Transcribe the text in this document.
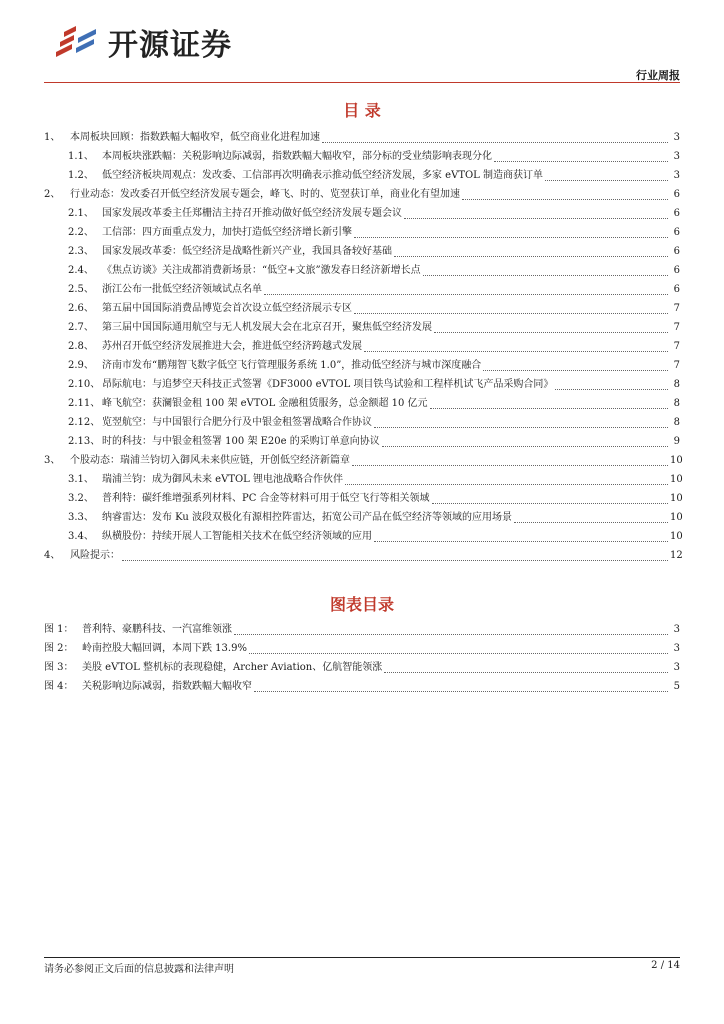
开源证券
行业周报
目 录
1、 本周板块回顾：指数跌幅大幅收窄，低空商业化进程加速	3
1.1、 本周板块涨跌幅：关税影响边际减弱，指数跌幅大幅收窄，部分标的受业绩影响表现分化	3
1.2、 低空经济板块周观点：发改委、工信部再次明确表示推动低空经济发展，多家 eVTOL 制造商获订单	3
2、 行业动态：发改委召开低空经济发展专题会，峰飞、时的、览翌获订单，商业化有望加速	6
2.1、 国家发展改革委主任郑栅洁主持召开推动做好低空经济发展专题会议	6
2.2、 工信部：四方面重点发力，加快打造低空经济增长新引擎	6
2.3、 国家发展改革委：低空经济是战略性新兴产业，我国具备较好基础	6
2.4、 《焦点访谈》关注成都消费新场景：“低空+文旅”激发春日经济新增长点	6
2.5、 浙江公布一批低空经济领域试点名单	6
2.6、 第五届中国国际消费品博览会首次设立低空经济展示专区	7
2.7、 第三届中国国际通用航空与无人机发展大会在北京召开，聚焦低空经济发展	7
2.8、 苏州召开低空经济发展推进大会，推进低空经济跨越式发展	7
2.9、 济南市发布“鹏翔智飞数字低空飞行管理服务系统 1.0”，推动低空经济与城市深度融合	7
2.10、 昂际航电：与追梦空天科技正式签署《DF3000 eVTOL 项目铁鸟试验和工程样机试飞产品采购合同》	8
2.11、 峰飞航空：获澜银金租 100 架 eVTOL 金融租赁服务，总金额超 10 亿元	8
2.12、 览翌航空：与中国银行合肥分行及中银金租签署战略合作协议	8
2.13、 时的科技：与中银金租签署 100 架 E20e 的采购订单意向协议	9
3、 个股动态：瑞浦兰钧切入御风未来供应链，开创低空经济新篇章	10
3.1、 瑞浦兰钧：成为御风未来 eVTOL 锂电池战略合作伙伴	10
3.2、 普利特：碳纤维增强系列材料、PC 合金等材料可用于低空飞行等相关领域	10
3.3、 纳睿雷达：发布 Ku 波段双极化有源相控阵雷达，拓宽公司产品在低空经济等领域的应用场景	10
3.4、 纵横股份：持续开展人工智能相关技术在低空经济领域的应用	10
4、 风险提示：	12
图表目录
图 1： 普利特、豪鹏科技、一汽富维领涨	3
图 2： 岭南控股大幅回调，本周下跌 13.9%	3
图 3： 美股 eVTOL 整机标的表现稳健，Archer Aviation、亿航智能领涨	3
图 4： 关税影响边际减弱，指数跌幅大幅收窄	5
请务必参阅正文后面的信息披露和法律声明	2 / 14
